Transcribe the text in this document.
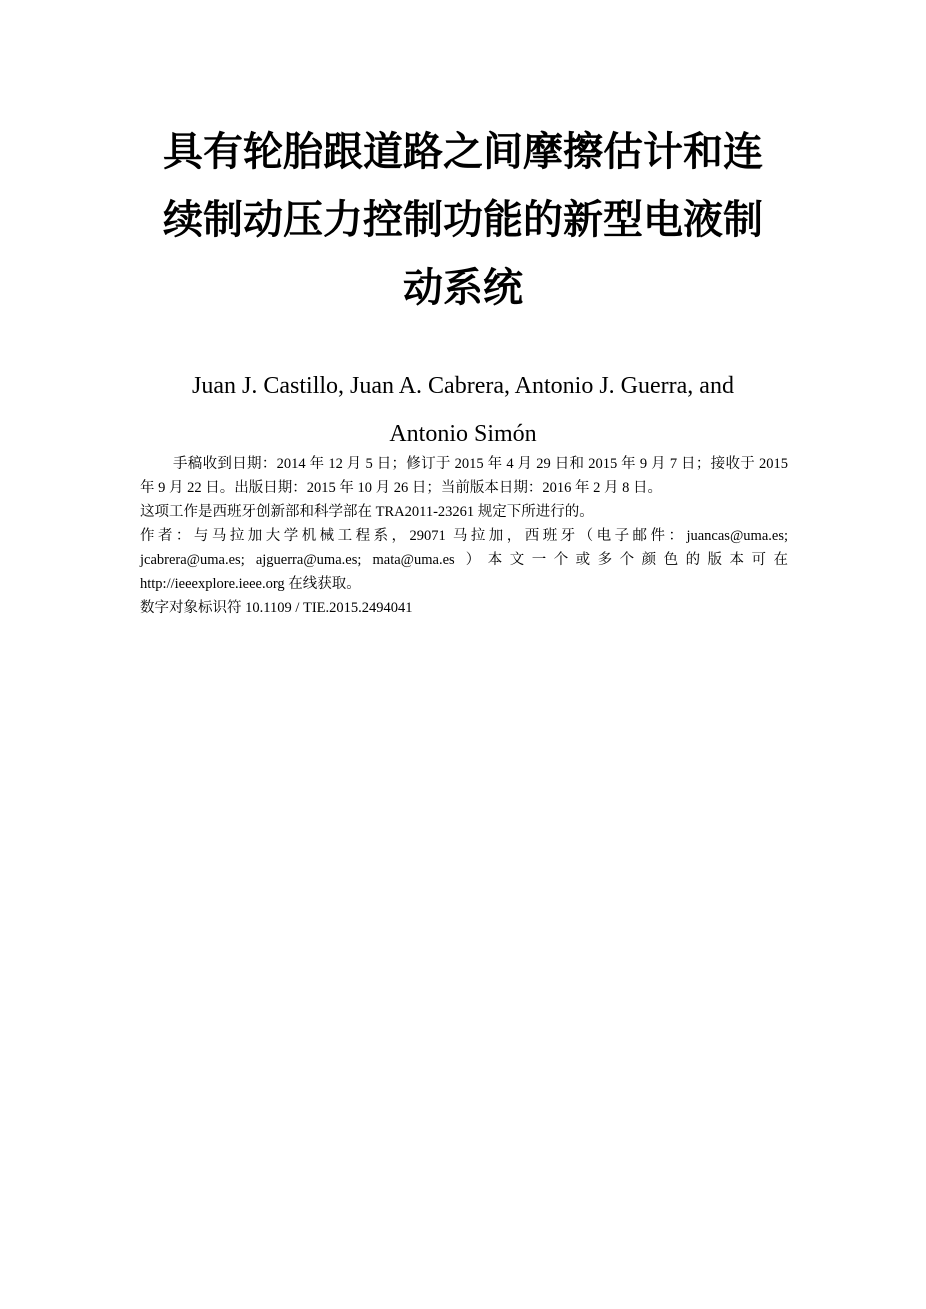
具有轮胎跟道路之间摩擦估计和连
续制动压力控制功能的新型电液制
动系统
Juan J. Castillo, Juan A. Cabrera, Antonio J. Guerra, and
Antonio Simón
手稿收到日期：2014 年 12 月 5 日；修订于 2015 年 4 月 29 日和 2015 年 9 月 7 日；接收于 2015 年 9 月 22 日。出版日期：2015 年 10 月 26 日；当前版本日期：2016 年 2 月 8 日。
这项工作是西班牙创新部和科学部在 TRA2011-23261 规定下所进行的。
作者：与马拉加大学机械工程系，29071 马拉加，西班牙（电子邮件：juancas@uma.es; jcabrera@uma.es; ajguerra@uma.es; mata@uma.es ）本文一个或多个颜色的版本可在 http://ieeexplore.ieee.org 在线获取。
数字对象标识符 10.1109 / TIE.2015.2494041
